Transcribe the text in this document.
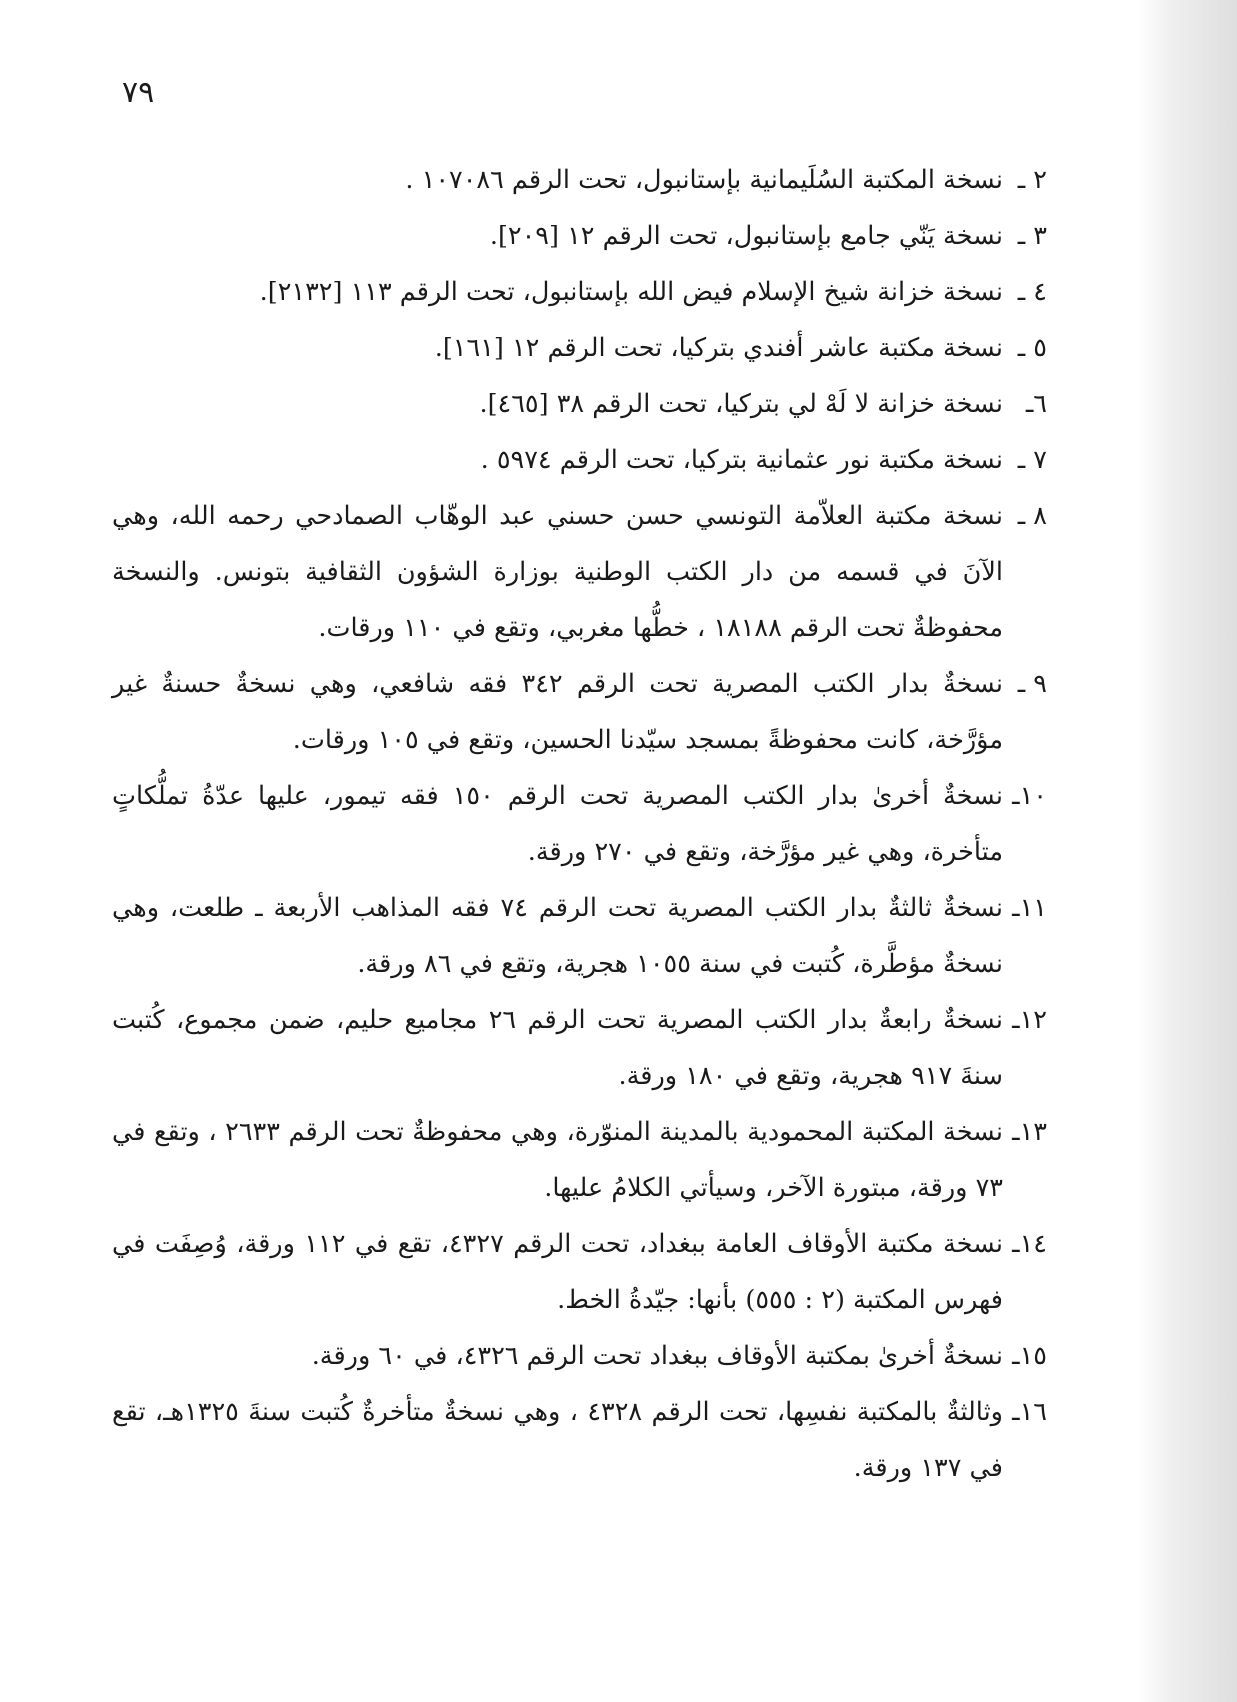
٧٩
٢ ـ
نسخة المكتبة السُلَيمانية بإستانبول، تحت الرقم ١٠٧٠٨٦ .
٣ ـ
نسخة يَنّي جامع بإستانبول، تحت الرقم ١٢ [٢٠٩].
٤ ـ
نسخة خزانة شيخ الإسلام فيض الله بإستانبول، تحت الرقم ١١٣ [٢١٣٢].
٥ ـ
نسخة مكتبة عاشر أفندي بتركيا، تحت الرقم ١٢ [١٦١].
٦ـ
نسخة خزانة لا لَهْ لي بتركيا، تحت الرقم ٣٨ [٤٦٥].
٧ ـ
نسخة مكتبة نور عثمانية بتركيا، تحت الرقم ٥٩٧٤ .
٨ ـ
نسخة مكتبة العلاّمة التونسي حسن حسني عبد الوهّاب الصمادحي رحمه الله، وهي الآنَ في قسمه من دار الكتب الوطنية بوزارة الشؤون الثقافية بتونس. والنسخة محفوظةٌ تحت الرقم ١٨١٨٨ ، خطُّها مغربي، وتقع في ١١٠ ورقات.
٩ ـ
نسخةٌ بدار الكتب المصرية تحت الرقم ٣٤٢ فقه شافعي، وهي نسخةٌ حسنةٌ غير مؤرَّخة، كانت محفوظةً بمسجد سيّدنا الحسين، وتقع في ١٠٥ ورقات.
١٠ـ
نسخةٌ أخرىٰ بدار الكتب المصرية تحت الرقم ١٥٠ فقه تيمور، عليها عدّةُ تملُّكاتٍ متأخرة، وهي غير مؤرَّخة، وتقع في ٢٧٠ ورقة.
١١ـ
نسخةٌ ثالثةٌ بدار الكتب المصرية تحت الرقم ٧٤ فقه المذاهب الأربعة ـ طلعت، وهي نسخةٌ مؤطَّرة، كُتبت في سنة ١٠٥٥ هجرية، وتقع في ٨٦ ورقة.
١٢ـ
نسخةٌ رابعةٌ بدار الكتب المصرية تحت الرقم ٢٦ مجاميع حليم، ضمن مجموع، كُتبت سنةَ ٩١٧ هجرية، وتقع في ١٨٠ ورقة.
١٣ـ
نسخة المكتبة المحمودية بالمدينة المنوّرة، وهي محفوظةٌ تحت الرقم ٢٦٣٣ ، وتقع في ٧٣ ورقة، مبتورة الآخر، وسيأتي الكلامُ عليها.
١٤ـ
نسخة مكتبة الأوقاف العامة ببغداد، تحت الرقم ٤٣٢٧، تقع في ١١٢ ورقة، وُصِفَت في فهرس المكتبة (٢ : ٥٥٥) بأنها: جيّدةُ الخط.
١٥ـ
نسخةٌ أخرىٰ بمكتبة الأوقاف ببغداد تحت الرقم ٤٣٢٦، في ٦٠ ورقة.
١٦ـ
وثالثةٌ بالمكتبة نفسِها، تحت الرقم ٤٣٢٨ ، وهي نسخةٌ متأخرةٌ كُتبت سنةَ ١٣٢٥هـ، تقع في ١٣٧ ورقة.
